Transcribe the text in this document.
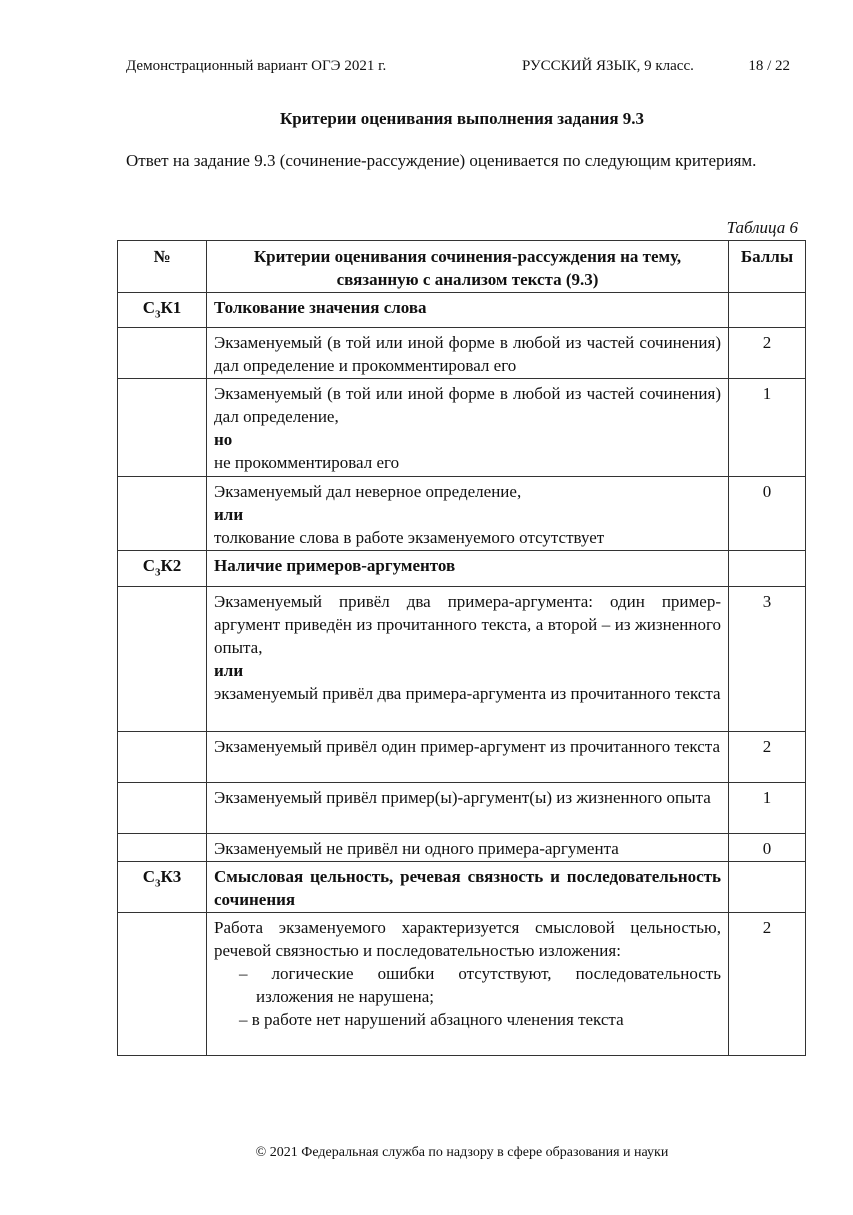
Демонстрационный вариант ОГЭ 2021 г.	РУССКИЙ ЯЗЫК, 9 класс.	18 / 22
Критерии оценивания выполнения задания 9.3
Ответ на задание 9.3 (сочинение-рассуждение) оценивается по следующим критериям.
Таблица 6
№	Критерии оценивания сочинения-рассуждения на тему, связанную с анализом текста (9.3)	Баллы

$С_3К1$	Толкование значения слова	

	Экзаменуемый (в той или иной форме в любой из частей сочинения) дал определение и прокомментировал его	2

	Экзаменуемый (в той или иной форме в любой из частей сочинения) дал определение,
но
не прокомментировал его	1

	Экзаменуемый дал неверное определение,
или
толкование слова в работе экзаменуемого отсутствует	0

$С_3К2$	Наличие примеров-аргументов	

	Экзаменуемый привёл два примера-аргумента: один пример-аргумент приведён из прочитанного текста, а второй – из жизненного опыта,
или
экзаменуемый привёл два примера-аргумента из прочитанного текста	3

	Экзаменуемый привёл один пример-аргумент из прочитанного текста	2

	Экзаменуемый привёл пример(ы)-аргумент(ы) из жизненного опыта	1

	Экзаменуемый не привёл ни одного примера-аргумента	0

$С_3К3$	Смысловая цельность, речевая связность и последовательность сочинения	

	Работа экзаменуемого характеризуется смысловой цельностью, речевой связностью и последовательностью изложения:
– логические ошибки отсутствуют, последовательность изложения не нарушена;
– в работе нет нарушений абзацного членения текста	2
© 2021 Федеральная служба по надзору в сфере образования и науки
